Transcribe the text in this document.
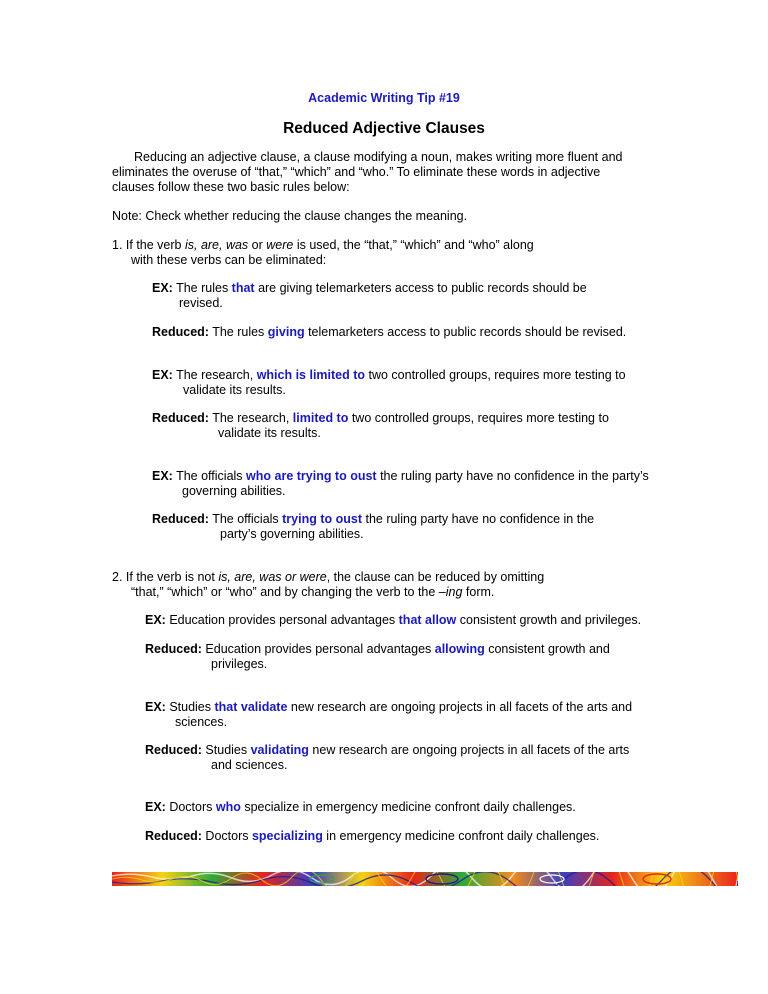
Academic Writing Tip #19
Reduced Adjective Clauses

Reducing an adjective clause, a clause modifying a noun, makes writing more fluent and

eliminates the overuse of “that,” “which” and “who.” To eliminate these words in adjective

clauses follow these two basic rules below:

Note: Check whether reducing the clause changes the meaning.

1. If the verb is, are, was or were is used, the “that,” “which” and “who” along

with these verbs can be eliminated:

EX: The rules that are giving telemarketers access to public records should be

revised.

Reduced: The rules giving telemarketers access to public records should be revised.

EX: The research, which is limited to two controlled groups, requires more testing to

validate its results.

Reduced: The research, limited to two controlled groups, requires more testing to

validate its results.

EX: The officials who are trying to oust the ruling party have no confidence in the party’s

governing abilities.

Reduced: The officials trying to oust the ruling party have no confidence in the

party’s governing abilities.

2. If the verb is not is, are, was or were, the clause can be reduced by omitting

“that,” “which” or “who” and by changing the verb to the –ing form.

EX: Education provides personal advantages that allow consistent growth and privileges.

Reduced: Education provides personal advantages allowing consistent growth and

privileges.

EX: Studies that validate new research are ongoing projects in all facets of the arts and

sciences.

Reduced: Studies validating new research are ongoing projects in all facets of the arts

and sciences.

EX: Doctors who specialize in emergency medicine confront daily challenges.

Reduced: Doctors specializing in emergency medicine confront daily challenges.
